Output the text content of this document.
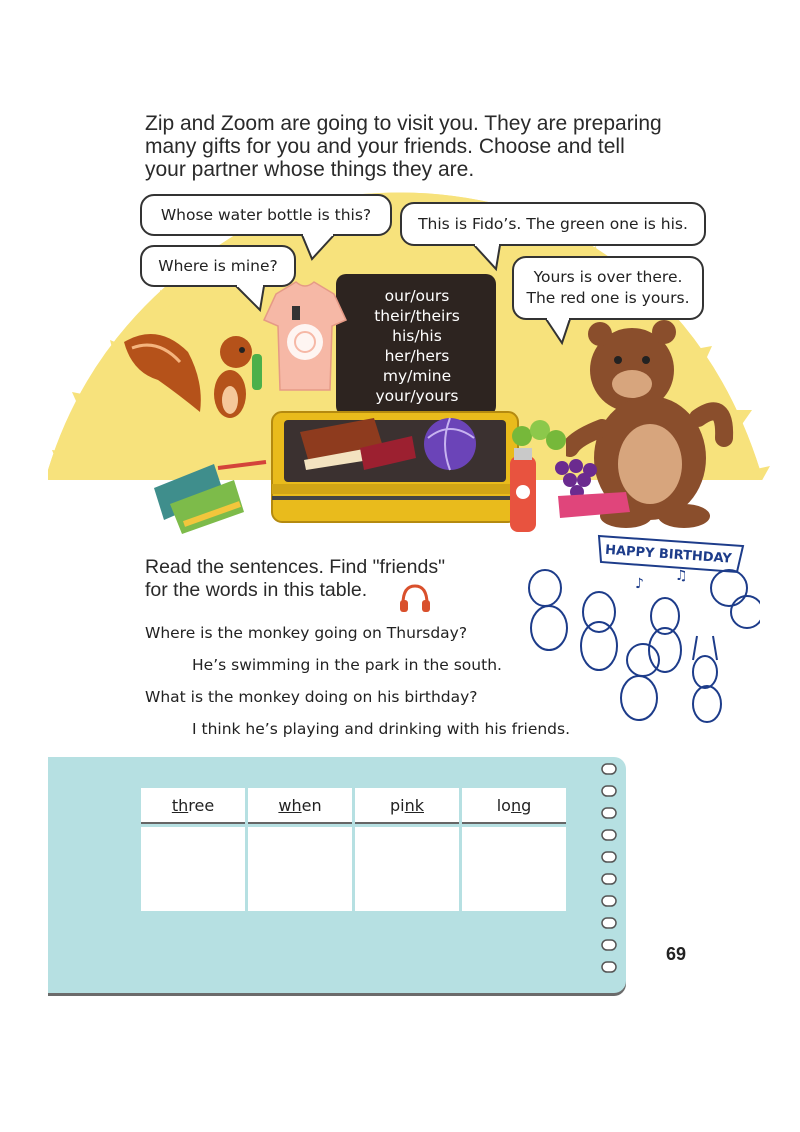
Zip and Zoom are going to visit you. They are preparing
many gifts for you and your friends. Choose and tell
your partner whose things they are.
Whose water bottle is this?	This is Fido’s. The green one is his.
Where is mine?
Yours is over there.
The red one is yours.
our/ours
their/theirs
his/his
her/hers
my/mine
your/yours
Read the sentences. Find "friends"
for the words in this table.
HAPPY BIRTHDAY
♪ ♫
Where is the monkey going on Thursday?
He’s swimming in the park in the south.
What is the monkey doing on his birthday?
I think he’s playing and drinking with his friends.
three	when	pink	long

69
